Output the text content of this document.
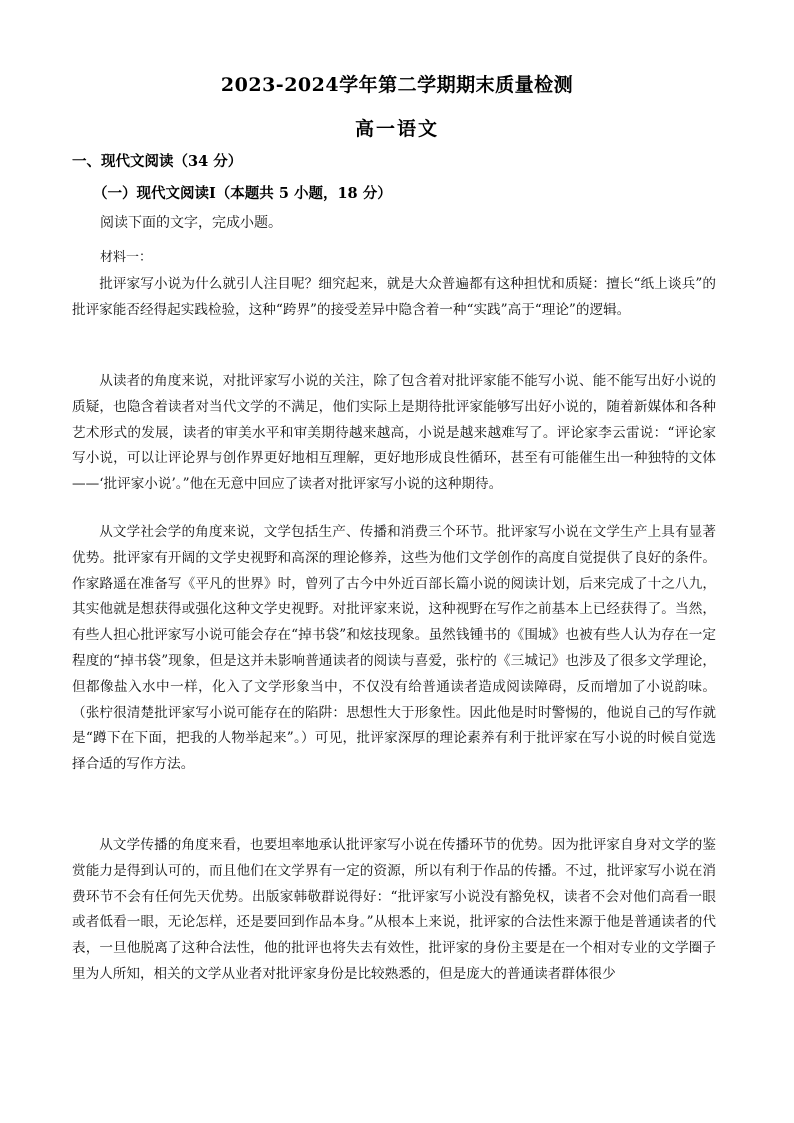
2023-2024学年第二学期期末质量检测
高一语文
一、现代文阅读（34 分）
（一）现代文阅读Ⅰ（本题共 5 小题，18 分）
阅读下面的文字，完成小题。
材料一：

批评家写小说为什么就引人注目呢？细究起来，就是大众普遍都有这种担忧和质疑：擅长“纸上谈兵”的批评家能否经得起实践检验，这种“跨界”的接受差异中隐含着一种“实践”高于“理论”的逻辑。

从读者的角度来说，对批评家写小说的关注，除了包含着对批评家能不能写小说、能不能写出好小说的质疑，也隐含着读者对当代文学的不满足，他们实际上是期待批评家能够写出好小说的，随着新媒体和各种艺术形式的发展，读者的审美水平和审美期待越来越高，小说是越来越难写了。评论家李云雷说：“评论家写小说，可以让评论界与创作界更好地相互理解，更好地形成良性循环，甚至有可能催生出一种独特的文体——‘批评家小说’。”他在无意中回应了读者对批评家写小说的这种期待。

从文学社会学的角度来说，文学包括生产、传播和消费三个环节。批评家写小说在文学生产上具有显著优势。批评家有开阔的文学史视野和高深的理论修养，这些为他们文学创作的高度自觉提供了良好的条件。作家路遥在准备写《平凡的世界》时，曾列了古今中外近百部长篇小说的阅读计划，后来完成了十之八九，其实他就是想获得或强化这种文学史视野。对批评家来说，这种视野在写作之前基本上已经获得了。当然，有些人担心批评家写小说可能会存在“掉书袋”和炫技现象。虽然钱锺书的《围城》也被有些人认为存在一定程度的“掉书袋”现象，但是这并未影响普通读者的阅读与喜爱，张柠的《三城记》也涉及了很多文学理论，但都像盐入水中一样，化入了文学形象当中，不仅没有给普通读者造成阅读障碍，反而增加了小说韵味。（张柠很清楚批评家写小说可能存在的陷阱：思想性大于形象性。因此他是时时警惕的，他说自己的写作就是“蹲下在下面，把我的人物举起来”。）可见，批评家深厚的理论素养有利于批评家在写小说的时候自觉选择合适的写作方法。

从文学传播的角度来看，也要坦率地承认批评家写小说在传播环节的优势。因为批评家自身对文学的鉴赏能力是得到认可的，而且他们在文学界有一定的资源，所以有利于作品的传播。不过，批评家写小说在消费环节不会有任何先天优势。出版家韩敬群说得好：“批评家写小说没有豁免权，读者不会对他们高看一眼或者低看一眼，无论怎样，还是要回到作品本身。”从根本上来说，批评家的合法性来源于他是普通读者的代表，一旦他脱离了这种合法性，他的批评也将失去有效性，批评家的身份主要是在一个相对专业的文学圈子里为人所知，相关的文学从业者对批评家身份是比较熟悉的，但是庞大的普通读者群体很少
